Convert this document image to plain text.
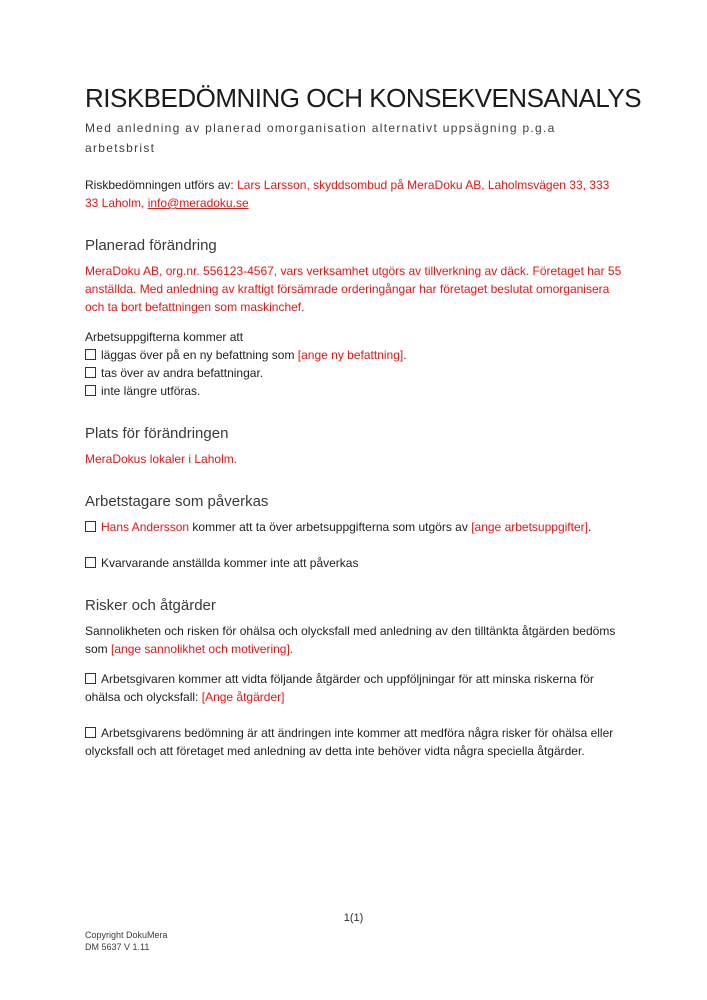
RISKBEDÖMNING OCH KONSEKVENSANALYS

Med anledning av planerad omorganisation alternativt uppsägning p.g.a arbetsbrist

Riskbedömningen utförs av: Lars Larsson, skyddsombud på MeraDoku AB, Laholmsvägen 33, 333 33 Laholm, info@meradoku.se

Planerad förändring

MeraDoku AB, org.nr. 556123-4567, vars verksamhet utgörs av tillverkning av däck. Företaget har 55 anställda. Med anledning av kraftigt försämrade orderingångar har företaget beslutat omorganisera och ta bort befattningen som maskinchef.

Arbetsuppgifterna kommer att
läggas över på en ny befattning som [ange ny befattning].
tas över av andra befattningar.
inte längre utföras.

Plats för förändringen

MeraDokus lokaler i Laholm.

Arbetstagare som påverkas

Hans Andersson kommer att ta över arbetsuppgifterna som utgörs av [ange arbetsuppgifter].

Kvarvarande anställda kommer inte att påverkas

Risker och åtgärder

Sannolikheten och risken för ohälsa och olycksfall med anledning av den tilltänkta åtgärden bedöms som [ange sannolikhet och motivering].

Arbetsgivaren kommer att vidta följande åtgärder och uppföljningar för att minska riskerna för ohälsa och olycksfall: [Ange åtgärder]

Arbetsgivarens bedömning är att ändringen inte kommer att medföra några risker för ohälsa eller olycksfall och att företaget med anledning av detta inte behöver vidta några speciella åtgärder.

1(1)
Copyright DokuMera
DM 5637 V 1.11
